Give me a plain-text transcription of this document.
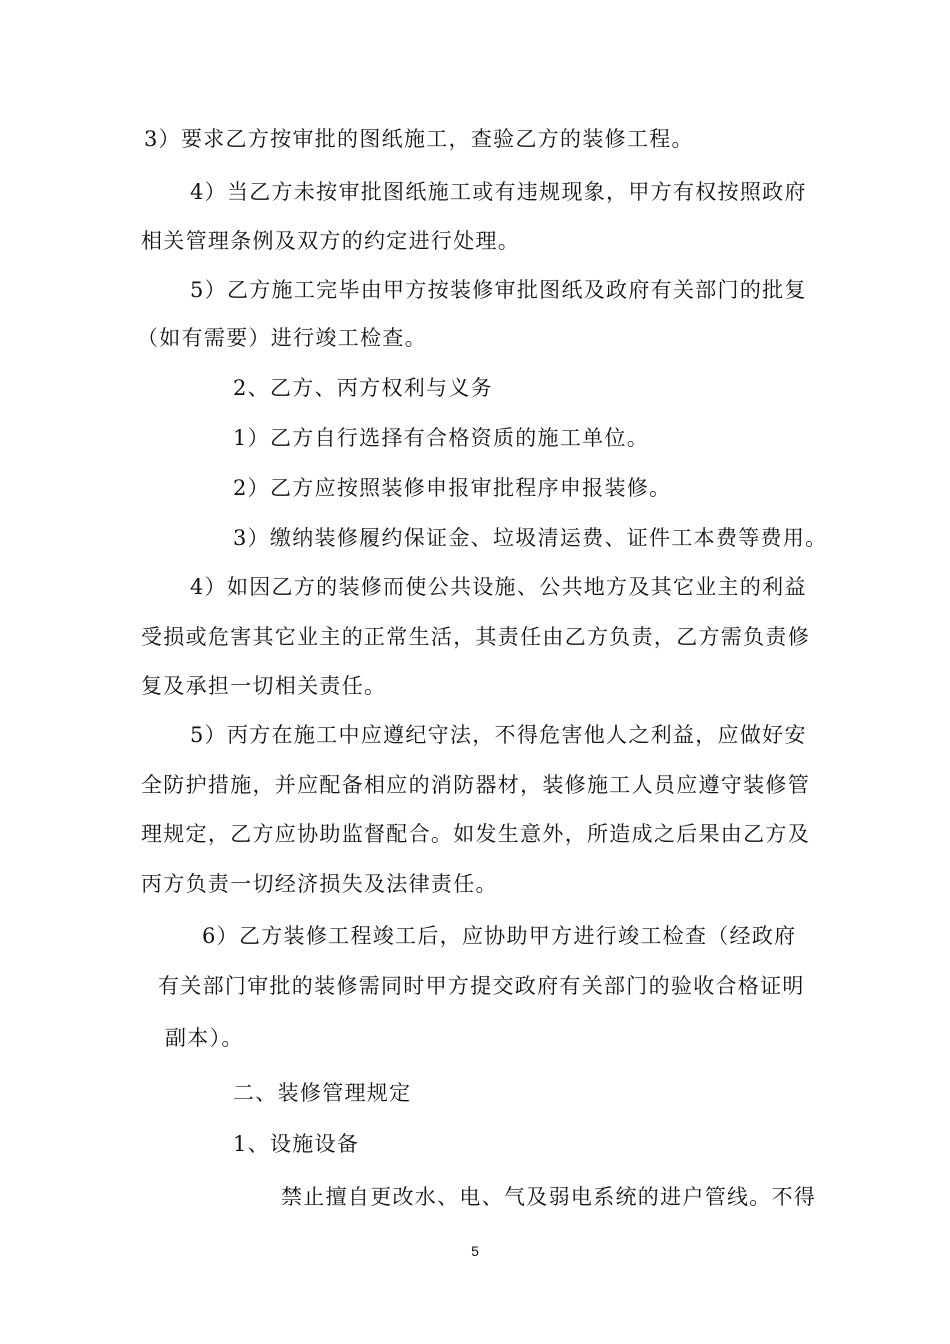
3）要求乙方按审批的图纸施工，查验乙方的装修工程。

4）当乙方未按审批图纸施工或有违规现象，甲方有权按照政府

相关管理条例及双方的约定进行处理。

5）乙方施工完毕由甲方按装修审批图纸及政府有关部门的批复

（如有需要）进行竣工检查。

2、乙方、丙方权利与义务

1）乙方自行选择有合格资质的施工单位。

2）乙方应按照装修申报审批程序申报装修。

3）缴纳装修履约保证金、垃圾清运费、证件工本费等费用。

4）如因乙方的装修而使公共设施、公共地方及其它业主的利益

受损或危害其它业主的正常生活，其责任由乙方负责，乙方需负责修

复及承担一切相关责任。

5）丙方在施工中应遵纪守法，不得危害他人之利益，应做好安

全防护措施，并应配备相应的消防器材，装修施工人员应遵守装修管

理规定，乙方应协助监督配合。如发生意外，所造成之后果由乙方及

丙方负责一切经济损失及法律责任。

6）乙方装修工程竣工后，应协助甲方进行竣工检查（经政府

有关部门审批的装修需同时甲方提交政府有关部门的验收合格证明

副本）。

二、装修管理规定

1、设施设备

禁止擅自更改水、电、气及弱电系统的进户管线。不得

5
